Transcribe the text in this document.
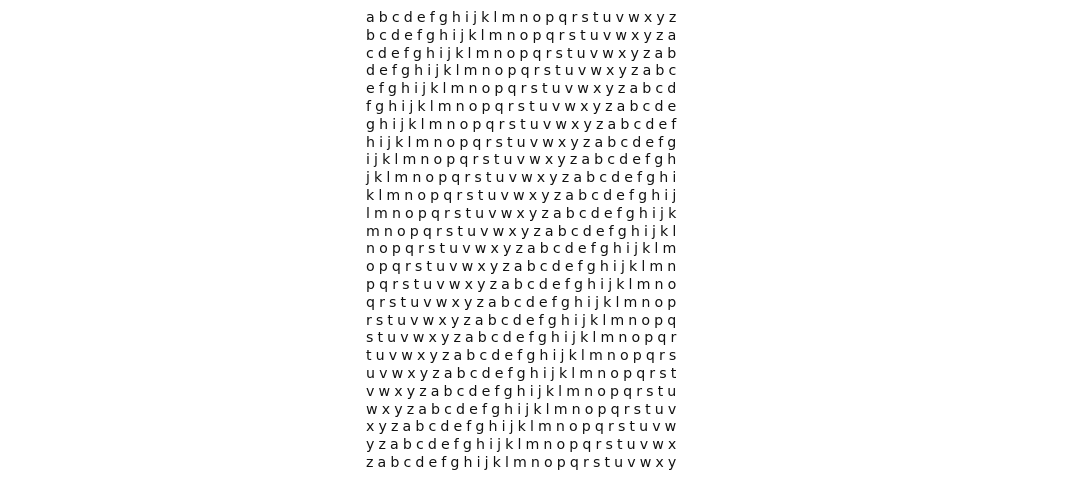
abcdefghijklmnopqrstuvwxyz
bcdefghijklmnopqrstuvwxyza
cdefghijklmnopqrstuvwxyzab
defghijklmnopqrstuvwxyzabc
efghijklmnopqrstuvwxyzabcd
fghijklmnopqrstuvwxyzabcde
ghijklmnopqrstuvwxyzabcdef
hijklmnopqrstuvwxyzabcdefg
ijklmnopqrstuvwxyzabcdefgh
jklmnopqrstuvwxyzabcdefghi
klmnopqrstuvwxyzabcdefghij
lmnopqrstuvwxyzabcdefghijk
mnopqrstuvwxyzabcdefghijkl
nopqrstuvwxyzabcdefghijklm
opqrstuvwxyzabcdefghijklmn
pqrstuvwxyzabcdefghijklmno
qrstuvwxyzabcdefghijklmnop
rstuvwxyzabcdefghijklmnopq
stuvwxyzabcdefghijklmnopqr
tuvwxyzabcdefghijklmnopqrs
uvwxyzabcdefghijklmnopqrst
vwxyzabcdefghijklmnopqrstu
wxyzabcdefghijklmnopqrstuv
xyzabcdefghijklmnopqrstuvw
yzabcdefghijklmnopqrstuvwx
zabcdefghijklmnopqrstuvwxy
